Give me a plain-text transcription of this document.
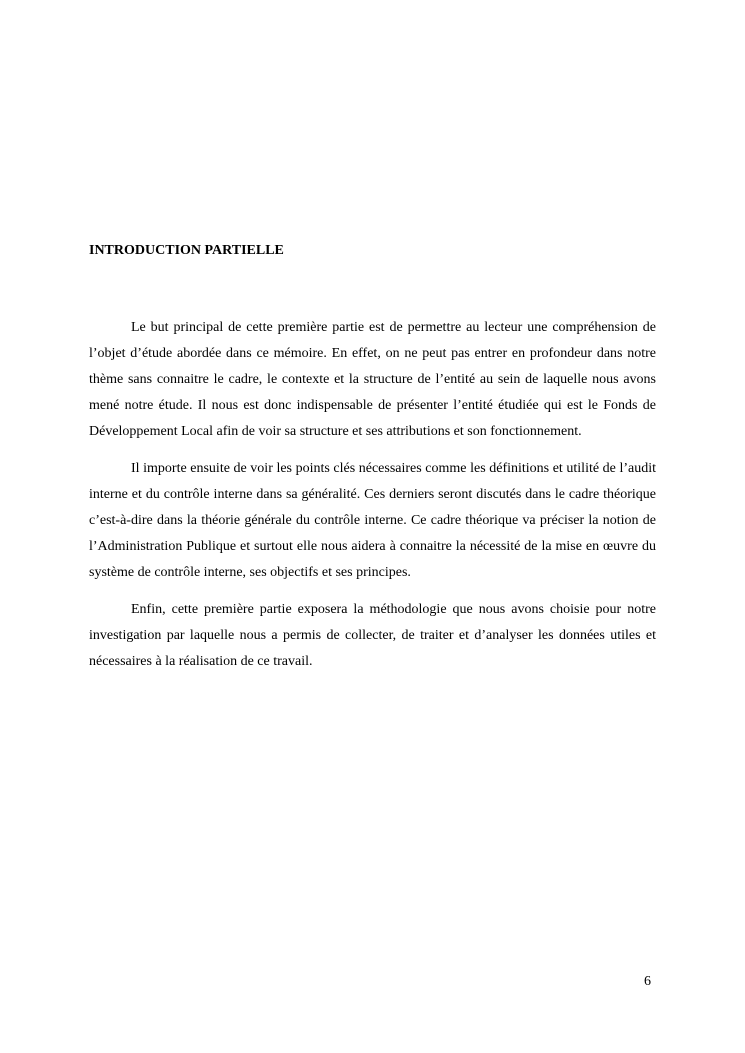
INTRODUCTION PARTIELLE

Le but principal de cette première partie est de permettre au lecteur une compréhension de l’objet d’étude abordée dans ce mémoire. En effet, on ne peut pas entrer en profondeur dans notre thème sans connaitre le cadre, le contexte et la structure de l’entité au sein de laquelle nous avons mené notre étude. Il nous est donc indispensable de présenter l’entité étudiée qui est le Fonds de Développement Local afin de voir sa structure et ses attributions et son fonctionnement.

Il importe ensuite de voir les points clés nécessaires comme les définitions et utilité de l’audit interne et du contrôle interne dans sa généralité. Ces derniers seront discutés dans le cadre théorique c’est-à-dire dans la théorie générale du contrôle interne. Ce cadre théorique va préciser la notion de l’Administration Publique et surtout elle nous aidera à connaitre la nécessité de la mise en œuvre du système de contrôle interne, ses objectifs et ses principes.

Enfin, cette première partie exposera la méthodologie que nous avons choisie pour notre investigation par laquelle nous a permis de collecter, de traiter et d’analyser les données utiles et nécessaires à la réalisation de ce travail.

6
